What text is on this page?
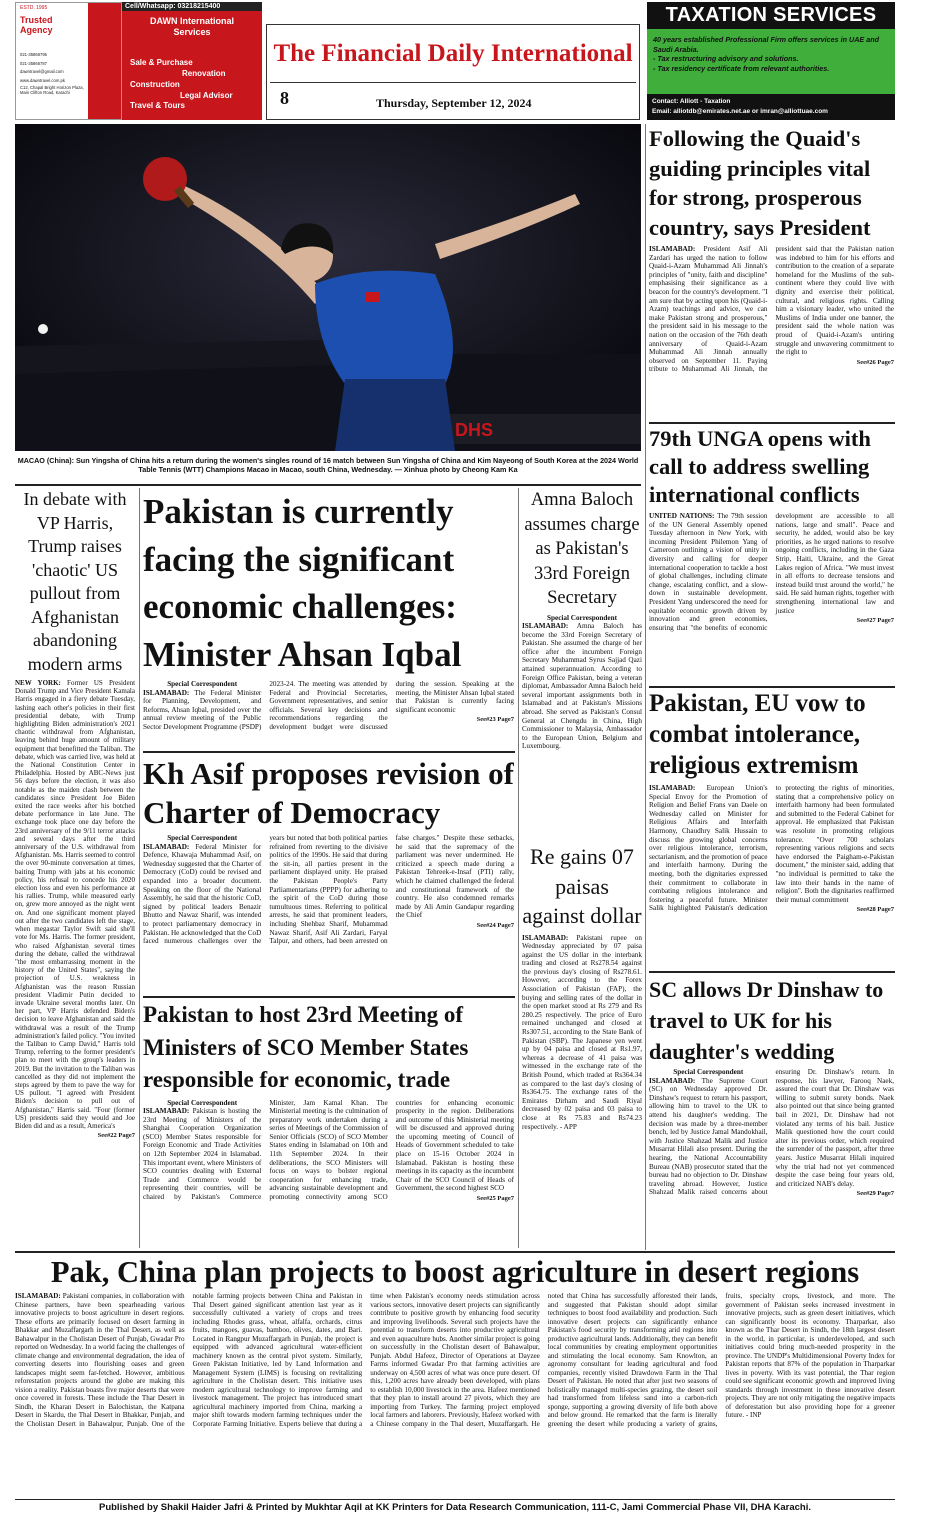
ESTD. 1995
Trusted Agency
021-35866795
021-35866787
dawntravel@gmail.com
www.dawntravel.com.pk
C12, Chapal Bright Horizon Plaza, Main Clifton Road, Karachi
Cell/Whatsapp: 03218215400
DAWN International Services
Sale & Purchase
Renovation
Construction
Legal Advisor
Travel & Tours
The Financial Daily International
8	Thursday, September 12, 2024
TAXATION SERVICES
40 years established Professional Firm offers services in UAE and Saudi Arabia.
- Tax restructuring advisory and solutions.
- Tax residency certificate from relevant authorities.
Contact: Alliott - Taxation
Email: alliotdb@emirates.net.ae or imran@alliottuae.com
DHS
MACAO (China): Sun Yingsha of China hits a return during the women's singles round of 16 match between Sun Yingsha of China and Kim Nayeong of South Korea at the 2024 World Table Tennis (WTT) Champions Macao in Macao, south China, Wednesday. — Xinhua photo by Cheong Kam Ka
Following the Quaid's guiding principles vital for strong, prosperous country, says President
ISLAMABAD: President Asif Ali Zardari has urged the nation to follow Quaid-i-Azam Muhammad Ali Jinnah's principles of "unity, faith and discipline" emphasising their significance as a beacon for the country's development. "I am sure that by acting upon his (Quaid-i-Azam) teachings and advice, we can make Pakistan strong and prosperous," the president said in his message to the nation on the occasion of the 76th death anniversary of Quaid-i-Azam Muhammad Ali Jinnah annually observed on September 11. Paying tribute to Muhammad Ali Jinnah, the president said that the Pakistan nation was indebted to him for his efforts and contribution to the creation of a separate homeland for the Muslims of the sub-continent where they could live with dignity and exercise their political, cultural, and religious rights. Calling him a visionary leader, who united the Muslims of India under one banner, the president said the whole nation was proud of Quaid-i-Azam's untiring struggle and unwavering commitment to the right to
See#26 Page7
79th UNGA opens with call to address swelling international conflicts
UNITED NATIONS: The 79th session of the UN General Assembly opened Tuesday afternoon in New York, with incoming President Philemon Yang of Cameroon outlining a vision of unity in diversity and calling for deeper international cooperation to tackle a host of global challenges, including climate change, escalating conflict, and a slow-down in sustainable development. President Yang underscored the need for equitable economic growth driven by innovation and green economies, ensuring that "the benefits of economic development are accessible to all nations, large and small". Peace and security, he added, would also be key priorities, as he urged nations to resolve ongoing conflicts, including in the Gaza Strip, Haiti, Ukraine, and the Great Lakes region of Africa. "We must invest in all efforts to decrease tensions and instead build trust around the world," he said. He said human rights, together with strengthening international law and justice
See#27 Page7
Pakistan, EU vow to combat intolerance, religious extremism
ISLAMABAD: European Union's Special Envoy for the Promotion of Religion and Belief Frans van Daele on Wednesday called on Minister for Religious Affairs and Interfaith Harmony, Chaudhry Salik Hussain to discuss the growing global concerns over religious intolerance, terrorism, sectarianism, and the promotion of peace and interfaith harmony. During the meeting, both the dignitaries expressed their commitment to collaborate in combating religious intolerance and fostering a peaceful future. Minister Salik highlighted Pakistan's dedication to protecting the rights of minorities, stating that a comprehensive policy on interfaith harmony had been formulated and submitted to the Federal Cabinet for approval. He emphasized that Pakistan was resolute in promoting religious tolerance. "Over 700 scholars representing various religions and sects have endorsed the Paigham-e-Pakistan document," the minister said, adding that "no individual is permitted to take the law into their hands in the name of religion". Both the dignitaries reaffirmed their mutual commitment
See#28 Page7
SC allows Dr Dinshaw to travel to UK for his daughter's wedding
Special Correspondent
ISLAMABAD: The Supreme Court (SC) on Wednesday approved Dr. Dinshaw's request to return his passport, allowing him to travel to the UK to attend his daughter's wedding. The decision was made by a three-member bench, led by Justice Jamal Mandokhail, with Justice Shahzad Malik and Justice Musarrat Hilali also present. During the hearing, the National Accountability Bureau (NAB) prosecutor stated that the bureau had no objection to Dr. Dinshaw traveling abroad. However, Justice Shahzad Malik raised concerns about ensuring Dr. Dinshaw's return. In response, his lawyer, Farooq Naek, assured the court that Dr. Dinshaw was willing to submit surety bonds. Naek also pointed out that since being granted bail in 2021, Dr. Dinshaw had not violated any terms of his bail. Justice Malik questioned how the court could alter its previous order, which required the surrender of the passport, after three years. Justice Musarrat Hilali inquired why the trial had not yet commenced despite the case being four years old, and criticized NAB's delay.
See#29 Page7
In debate with VP Harris, Trump raises 'chaotic' US pullout from Afghanistan abandoning modern arms
NEW YORK: Former US President Donald Trump and Vice President Kamala Harris engaged in a fiery debate Tuesday, lashing each other's policies in their first presidential debate, with Trump highlighting Biden administration's 2021 chaotic withdrawal from Afghanistan, leaving behind huge amount of military equipment that benefitted the Taliban. The debate, which was carried live, was held at the National Constitution Center in Philadelphia. Hosted by ABC-News just 56 days before the election, it was also notable as the maiden clash between the candidates since President Joe Biden exited the race weeks after his botched debate performance in late June. The exchange took place one day before the 23rd anniversary of the 9/11 terror attacks and several days after the third anniversary of the U.S. withdrawal from Afghanistan. Ms. Harris seemed to control the over 90-minute conversation at times, baiting Trump with jabs at his economic policy, his refusal to concede his 2020 election loss and even his performance at his rallies. Trump, while measured early on, grew more annoyed as the night went on. And one significant moment played out after the two candidates left the stage, when megastar Taylor Swift said she'll vote for Ms. Harris. The former president, who raised Afghanistan several times during the debate, called the withdrawal "the most embarrassing moment in the history of the United States", saying the projection of U.S. weakness in Afghanistan was the reason Russian president Vladimir Putin decided to invade Ukraine several months later. On her part, VP Harris defended Biden's decision to leave Afghanistan and said the withdrawal was a result of the Trump administration's failed policy. "You invited the Taliban to Camp David," Harris told Trump, referring to the former president's plan to meet with the group's leaders in 2019. But the invitation to the Taliban was cancelled as they did not implement the steps agreed by them to pave the way for US pullout. "I agreed with President Biden's decision to pull out of Afghanistan," Harris said. "Four (former US) presidents said they would and Joe Biden did and as a result, America's
See#22 Page7
Pakistan is currently facing the significant economic challenges: Minister Ahsan Iqbal
Special Correspondent
ISLAMABAD: The Federal Minister for Planning, Development, and Reforms, Ahsan Iqbal, presided over the annual review meeting of the Public Sector Development Programme (PSDP) 2023-24. The meeting was attended by Federal and Provincial Secretaries, Government representatives, and senior officials. Several key decisions and recommendations regarding the development budget were discussed during the session. Speaking at the meeting, the Minister Ahsan Iqbal stated that Pakistan is currently facing significant economic
See#23 Page7
Kh Asif proposes revision of Charter of Democracy
Special Correspondent
ISLAMABAD: Federal Minister for Defence, Khawaja Muhammad Asif, on Wednesday suggested that the Charter of Democracy (CoD) could be revised and expanded into a broader document. Speaking on the floor of the National Assembly, he said that the historic CoD, signed by political leaders Benazir Bhutto and Nawaz Sharif, was intended to protect parliamentary democracy in Pakistan. He acknowledged that the CoD faced numerous challenges over the years but noted that both political parties refrained from reverting to the divisive politics of the 1990s. He said that during the sit-in, all parties present in the parliament displayed unity. He praised the Pakistan People's Party Parliamentarians (PPPP) for adhering to the spirit of the CoD during those tumultuous times. Referring to political arrests, he said that prominent leaders, including Shehbaz Sharif, Muhammad Nawaz Sharif, Asif Ali Zardari, Faryal Talpur, and others, had been arrested on false charges." Despite these setbacks, he said that the supremacy of the parliament was never undermined. He criticized a speech made during a Pakistan Tehreek-e-Insaf (PTI) rally, which he claimed challenged the federal and constitutional framework of the country. He also condemned remarks made by Ali Amin Gandapur regarding the Chief
See#24 Page7
Pakistan to host 23rd Meeting of Ministers of SCO Member States responsible for economic, trade
Special Correspondent
ISLAMABAD: Pakistan is hosting the 23rd Meeting of Ministers of the Shanghai Cooperation Organization (SCO) Member States responsible for Foreign Economic and Trade Activities on 12th September 2024 in Islamabad. This important event, where Ministers of SCO countries dealing with External Trade and Commerce would be representing their countries, will be chaired by Pakistan's Commerce Minister, Jam Kamal Khan. The Ministerial meeting is the culmination of preparatory work undertaken during a series of Meetings of the Commission of Senior Officials (SCO) of SCO Member States ending in Islamabad on 10th and 11th September 2024. In their deliberations, the SCO Ministers will focus on ways to bolster regional cooperation for enhancing trade, advancing sustainable development and promoting connectivity among SCO countries for enhancing economic prosperity in the region. Deliberations and outcome of this Ministerial meeting will be discussed and approved during the upcoming meeting of Council of Heads of Government scheduled to take place on 15-16 October 2024 in Islamabad. Pakistan is hosting these meetings in its capacity as the incumbent Chair of the SCO Council of Heads of Government, the second highest SCO
See#25 Page7
Amna Baloch assumes charge as Pakistan's 33rd Foreign Secretary
Special Correspondent
ISLAMABAD: Amna Baloch has become the 33rd Foreign Secretary of Pakistan. She assumed the charge of her office after the incumbent Foreign Secretary Muhammad Syrus Sajjad Qazi attained superannuation. According to Foreign Office Pakistan, being a veteran diplomat, Ambassador Amna Baloch held several important assignments both in Islamabad and at Pakistan's Missions abroad. She served as Pakistan's Consul General at Chengdu in China, High Commissioner to Malaysia, Ambassador to the European Union, Belgium and Luxembourg.
Re gains 07 paisas against dollar
ISLAMABAD: Pakistani rupee on Wednesday appreciated by 07 paisa against the US dollar in the interbank trading and closed at Rs278.54 against the previous day's closing of Rs278.61. However, according to the Forex Association of Pakistan (FAP), the buying and selling rates of the dollar in the open market stood at Rs 279 and Rs 280.25 respectively. The price of Euro remained unchanged and closed at Rs307.51, according to the State Bank of Pakistan (SBP). The Japanese yen went up by 04 paisa and closed at Rs1.97, whereas a decrease of 41 paisa was witnessed in the exchange rate of the British Pound, which traded at Rs364.34 as compared to the last day's closing of Rs364.75. The exchange rates of the Emirates Dirham and Saudi Riyal decreased by 02 paisa and 03 paisa to close at Rs 75.83 and Rs74.23 respectively. - APP
Pak, China plan projects to boost agriculture in desert regions
ISLAMABAD: Pakistani companies, in collaboration with Chinese partners, have been spearheading various innovative projects to boost agriculture in desert regions. These efforts are primarily focused on desert farming in Bhakkar and Muzaffargarh in the Thal Desert, as well as Bahawalpur in the Cholistan Desert of Punjab, Gwadar Pro reported on Wednesday. In a world facing the challenges of climate change and environmental degradation, the idea of converting deserts into flourishing oases and green landscapes might seem far-fetched. However, ambitious reforestation projects around the globe are making this vision a reality. Pakistan boasts five major deserts that were once covered in forests. These include the Thar Desert in Sindh, the Kharan Desert in Balochistan, the Katpana Desert in Skardu, the Thal Desert in Bhakkar, Punjab, and the Cholistan Desert in Bahawalpur, Punjab. One of the notable farming projects between China and Pakistan in Thal Desert gained significant attention last year as it successfully cultivated a variety of crops and trees including Rhodes grass, wheat, alfalfa, orchards, citrus fruits, mangoes, guavas, bamboo, olives, dates, and Bari. Located in Rangpur Muzaffargarh in Punjab, the project is equipped with advanced agricultural water-efficient machinery known as the central pivot system. Similarly, Green Pakistan Initiative, led by Land Information and Management System (LIMS) is focusing on revitalizing agriculture in the Cholistan desert. This initiative uses modern agricultural technology to improve farming and livestock management. The project has introduced smart agricultural machinery imported from China, marking a major shift towards modern farming techniques under the Corporate Farming Initiative. Experts believe that during a time when Pakistan's economy needs stimulation across various sectors, innovative desert projects can significantly contribute to positive growth by enhancing food security and improving livelihoods. Several such projects have the potential to transform deserts into productive agricultural and even aquaculture hubs. Another similar project is going on successfully in the Cholistan desert of Bahawalpur, Punjab. Abdul Hafeez, Director of Operations at Dayzee Farms informed Gwadar Pro that farming activities are underway on 4,500 acres of what was once pure desert. Of this, 1,200 acres have already been developed, with plans to establish 10,000 livestock in the area. Hafeez mentioned that they plan to install around 27 pivots, which they are importing from Turkey. The farming project employed local farmers and laborers. Previously, Hafeez worked with a Chinese company in the Thal desert, Muzaffargarh. He noted that China has successfully afforested their lands, and suggested that Pakistan should adopt similar techniques to boost food availability and production. Such innovative desert projects can significantly enhance Pakistan's food security by transforming arid regions into productive agricultural lands. Additionally, they can benefit local communities by creating employment opportunities and stimulating the local economy. Sam Knowlton, an agronomy consultant for leading agricultural and food companies, recently visited Drawdown Farm in the Thal Desert of Pakistan. He noted that after just two seasons of holistically managed multi-species grazing, the desert soil had transformed from lifeless sand into a carbon-rich sponge, supporting a growing diversity of life both above and below ground. He remarked that the farm is literally greening the desert while producing a variety of grains, fruits, specialty crops, livestock, and more. The government of Pakistan seeks increased investment in innovative projects, such as green desert initiatives, which can significantly boost its economy. Tharparkar, also known as the Thar Desert in Sindh, the 18th largest desert in the world, in particular, is underdeveloped, and such initiatives could bring much-needed prosperity in the province. The UNDP's Multidimensional Poverty Index for Pakistan reports that 87% of the population in Tharparkar lives in poverty. With its vast potential, the Thar region could see significant economic growth and improved living standards through investment in these innovative desert projects. They are not only mitigating the negative impacts of deforestation but also providing hope for a greener future. - INP
Published by Shakil Haider Jafri & Printed by Mukhtar Aqil at KK Printers for Data Research Communication, 111-C, Jami Commercial Phase VII, DHA Karachi.
